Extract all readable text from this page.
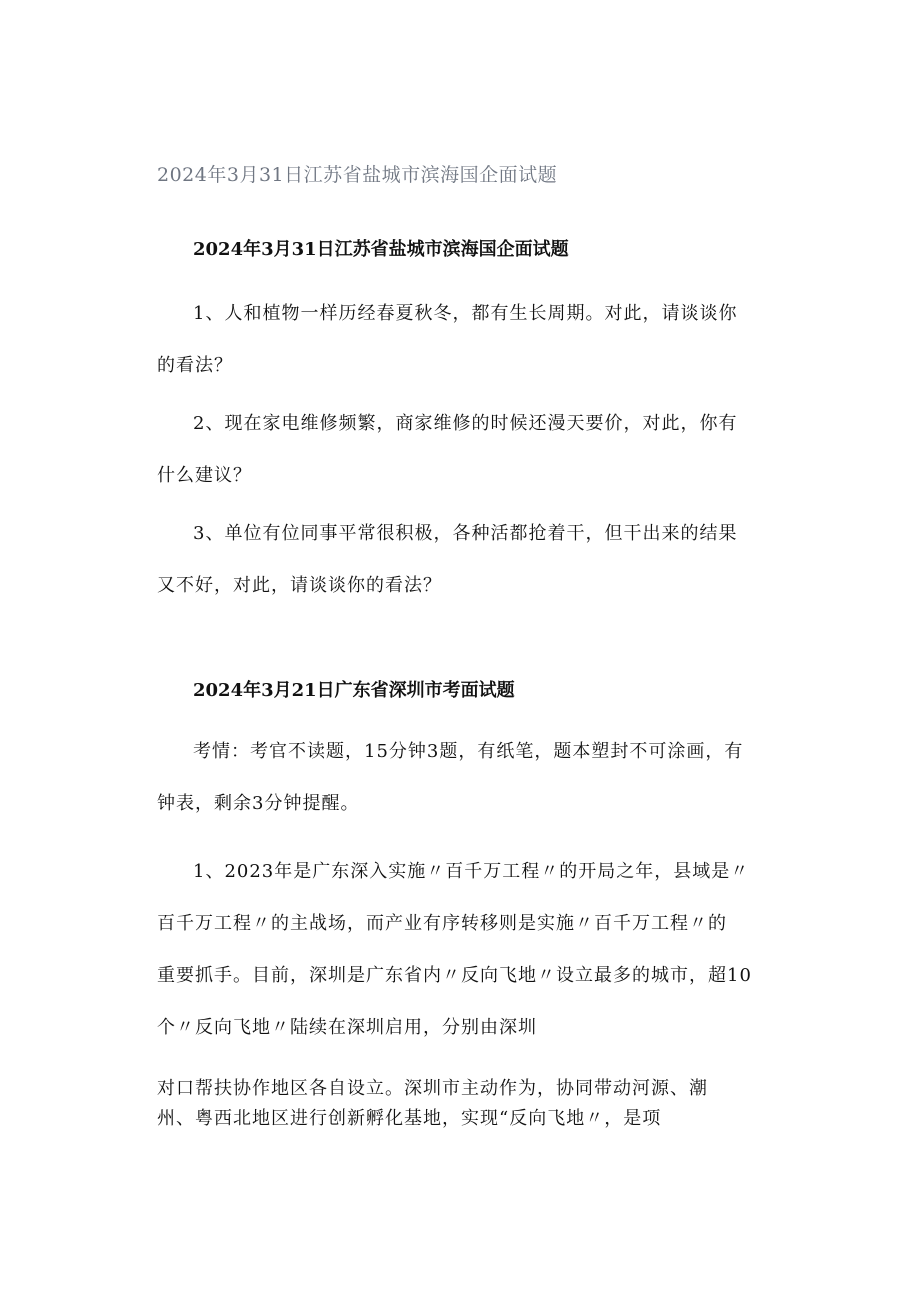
2024年3月31日江苏省盐城市滨海国企面试题
2024年3月31日江苏省盐城市滨海国企面试题
1、人和植物一样历经春夏秋冬，都有生长周期。对此，请谈谈你
的看法？
2、现在家电维修频繁，商家维修的时候还漫天要价，对此，你有
什么建议？
3、单位有位同事平常很积极，各种活都抢着干，但干出来的结果
又不好，对此，请谈谈你的看法？
2024年3月21日广东省深圳市考面试题
考情：考官不读题，15分钟3题，有纸笔，题本塑封不可涂画，有
钟表，剩余3分钟提醒。
1、2023年是广东深入实施〃百千万工程〃的开局之年，县域是〃
百千万工程〃的主战场，而产业有序转移则是实施〃百千万工程〃的
重要抓手。目前，深圳是广东省内〃反向飞地〃设立最多的城市，超10
个〃反向飞地〃陆续在深圳启用，分别由深圳
对口帮扶协作地区各自设立。深圳市主动作为，协同带动河源、潮
州、粤西北地区进行创新孵化基地，实现“反向飞地〃，是项
